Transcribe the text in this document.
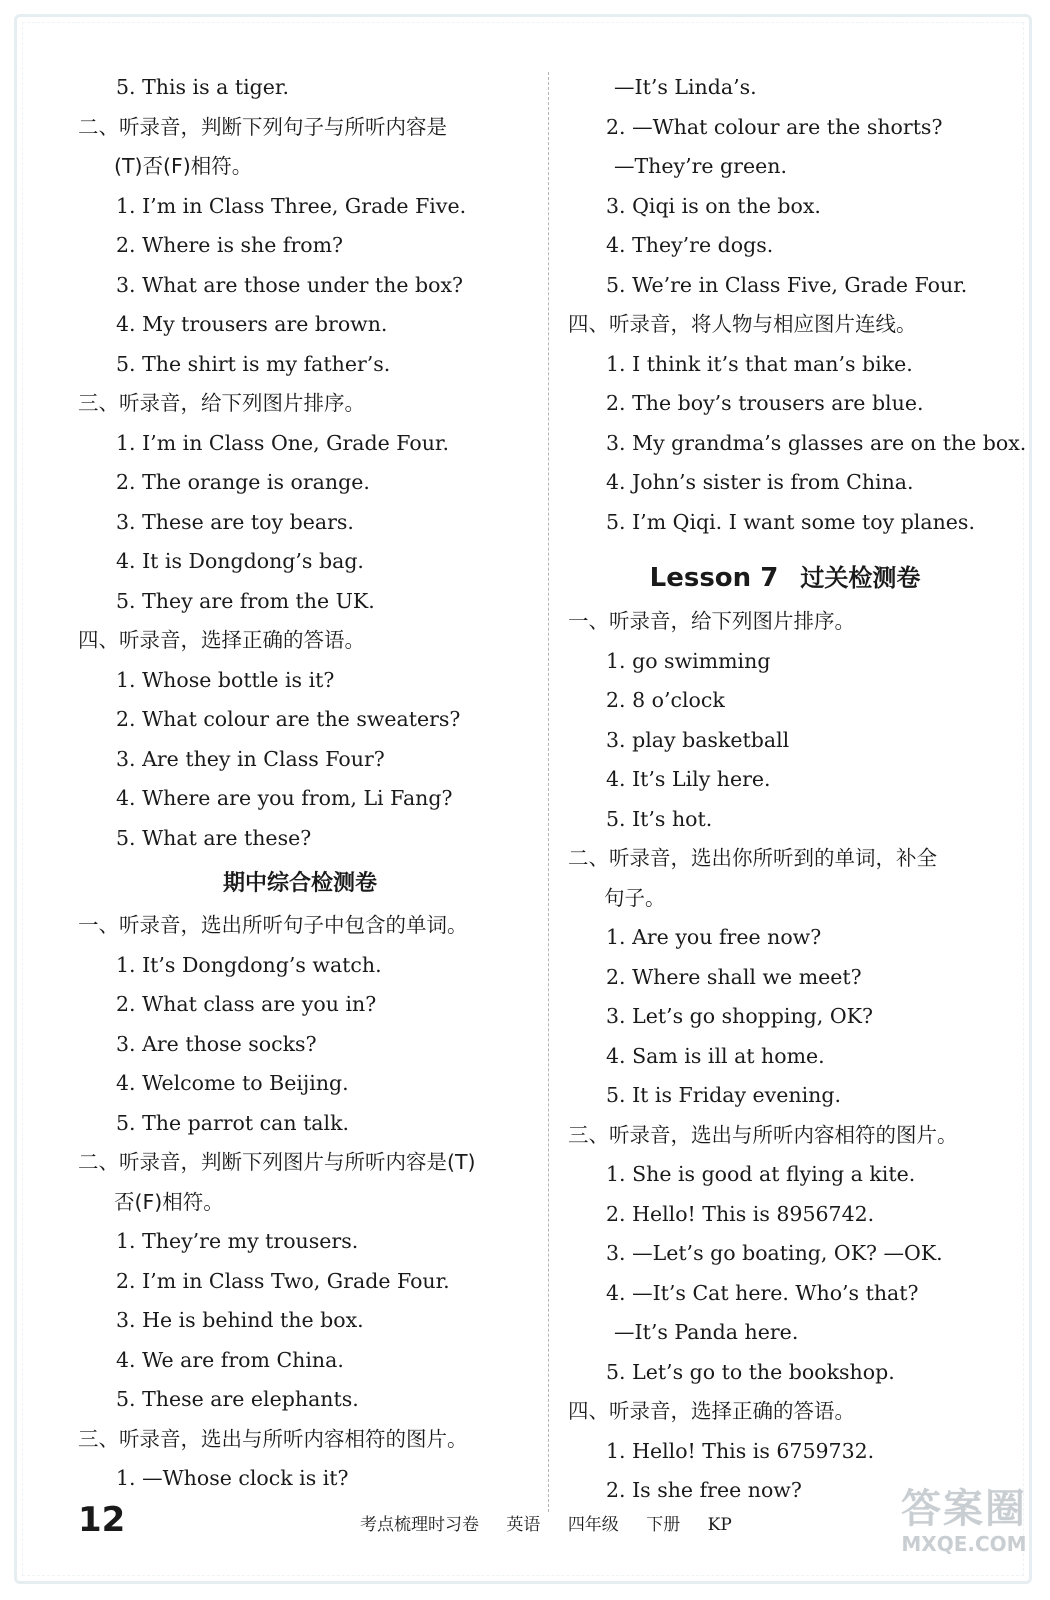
5. This is a tiger.
二、听录音，判断下列句子与所听内容是
(T)否(F)相符。
1. I’m in Class Three, Grade Five.
2. Where is she from?
3. What are those under the box?
4. My trousers are brown.
5. The shirt is my father’s.
三、听录音，给下列图片排序。
1. I’m in Class One, Grade Four.
2. The orange is orange.
3. These are toy bears.
4. It is Dongdong’s bag.
5. They are from the UK.
四、听录音，选择正确的答语。
1. Whose bottle is it?
2. What colour are the sweaters?
3. Are they in Class Four?
4. Where are you from, Li Fang?
5. What are these?
期中综合检测卷
一、听录音，选出所听句子中包含的单词。
1. It’s Dongdong’s watch.
2. What class are you in?
3. Are those socks?
4. Welcome to Beijing.
5. The parrot can talk.
二、听录音，判断下列图片与所听内容是(T)
否(F)相符。
1. They’re my trousers.
2. I’m in Class Two, Grade Four.
3. He is behind the box.
4. We are from China.
5. These are elephants.
三、听录音，选出与所听内容相符的图片。
1. —Whose clock is it?
—It’s Linda’s.
2. —What colour are the shorts?
—They’re green.
3. Qiqi is on the box.
4. They’re dogs.
5. We’re in Class Five, Grade Four.
四、听录音，将人物与相应图片连线。
1. I think it’s that man’s bike.
2. The boy’s trousers are blue.
3. My grandma’s glasses are on the box.
4. John’s sister is from China.
5. I’m Qiqi. I want some toy planes.
Lesson 7 过关检测卷
一、听录音，给下列图片排序。
1. go swimming
2. 8 o’clock
3. play basketball
4. It’s Lily here.
5. It’s hot.
二、听录音，选出你所听到的单词，补全
句子。
1. Are you free now?
2. Where shall we meet?
3. Let’s go shopping, OK?
4. Sam is ill at home.
5. It is Friday evening.
三、听录音，选出与所听内容相符的图片。
1. She is good at flying a kite.
2. Hello! This is 8956742.
3. —Let’s go boating, OK? —OK.
4. —It’s Cat here. Who’s that?
—It’s Panda here.
5. Let’s go to the bookshop.
四、听录音，选择正确的答语。
1. Hello! This is 6759732.
2. Is she free now?
12	考点梳理时习卷 英语 四年级 下册 KP	答案圈
MXQE.COM
